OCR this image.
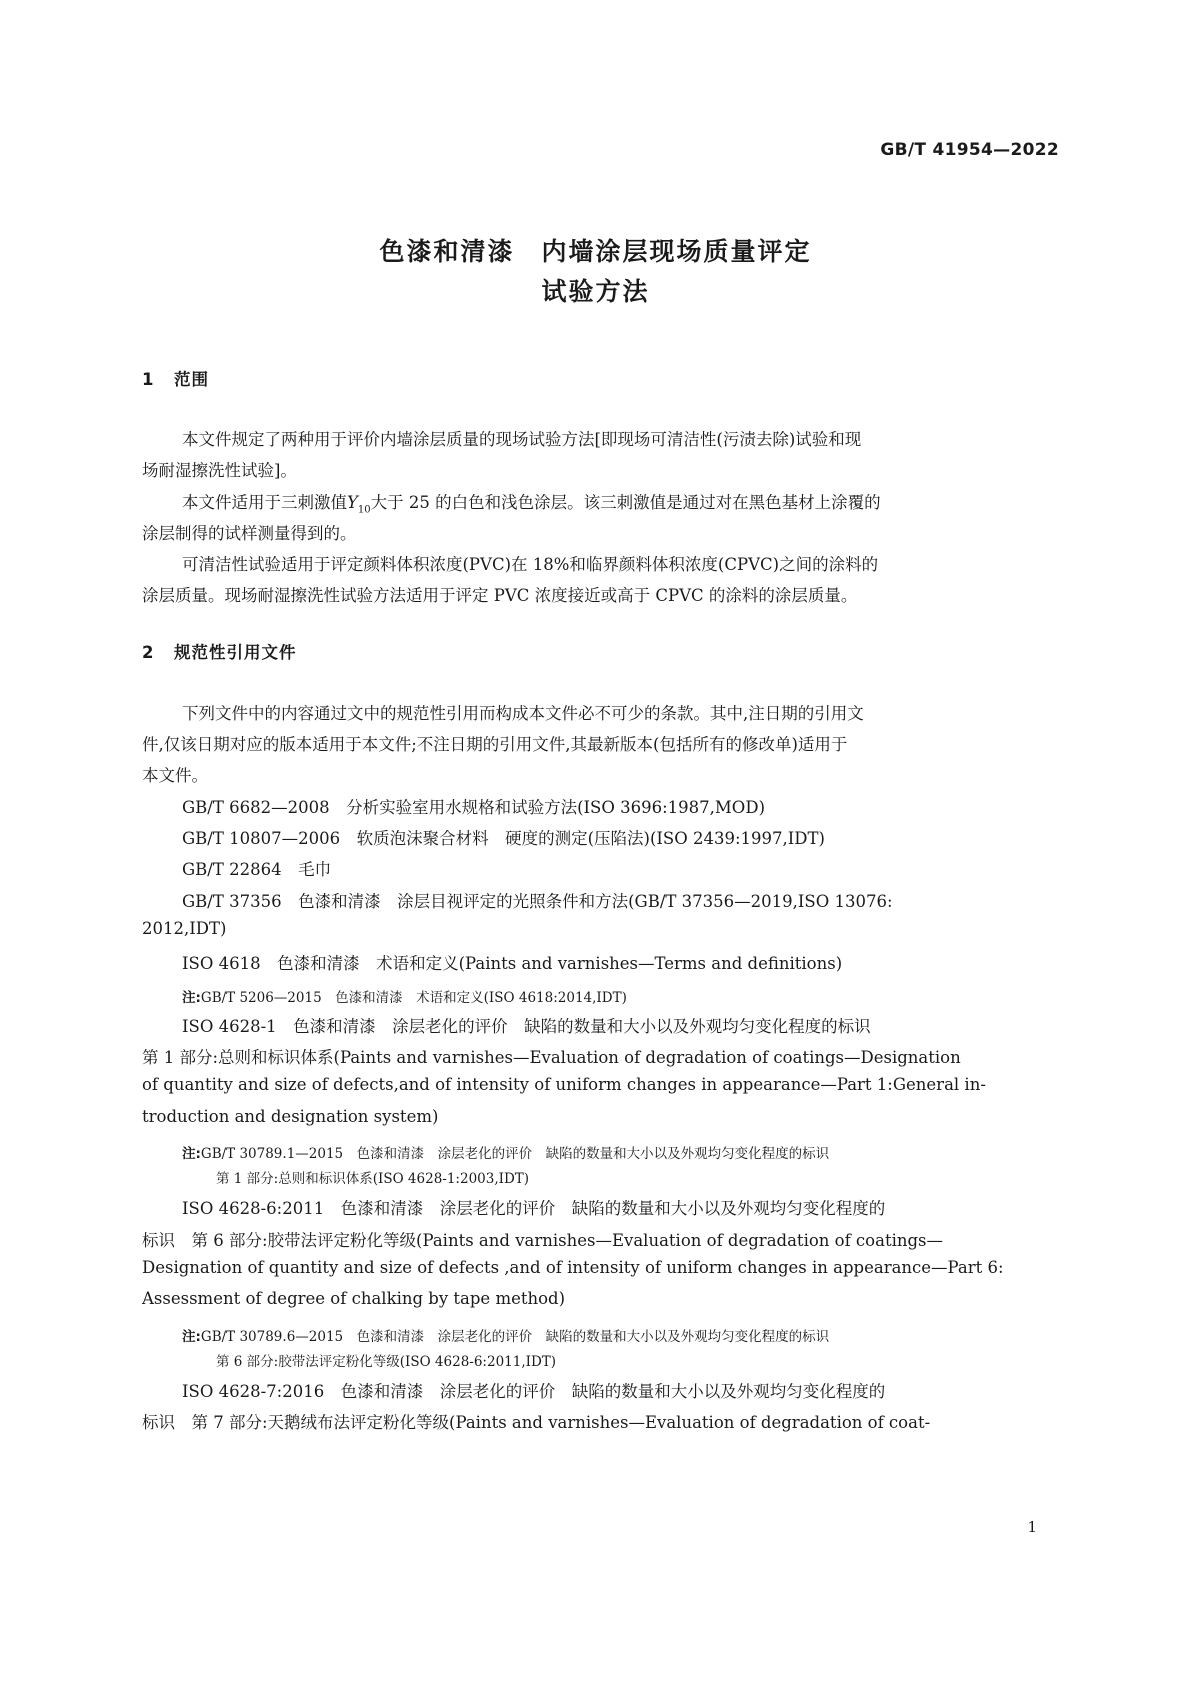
GB/T 41954—2022
色漆和清漆　内墙涂层现场质量评定
试验方法
1 范围
本文件规定了两种用于评价内墙涂层质量的现场试验方法[即现场可清洁性(污渍去除)试验和现
场耐湿擦洗性试验]。
本文件适用于三刺激值$Y_{10}$大于 25 的白色和浅色涂层。该三刺激值是通过对在黑色基材上涂覆的
涂层制得的试样测量得到的。
可清洁性试验适用于评定颜料体积浓度(PVC)在 18%和临界颜料体积浓度(CPVC)之间的涂料的
涂层质量。现场耐湿擦洗性试验方法适用于评定 PVC 浓度接近或高于 CPVC 的涂料的涂层质量。
2 规范性引用文件
下列文件中的内容通过文中的规范性引用而构成本文件必不可少的条款。其中,注日期的引用文
件,仅该日期对应的版本适用于本文件;不注日期的引用文件,其最新版本(包括所有的修改单)适用于
本文件。
GB/T 6682—2008　分析实验室用水规格和试验方法(ISO 3696:1987,MOD)
GB/T 10807—2006　软质泡沫聚合材料　硬度的测定(压陷法)(ISO 2439:1997,IDT)
GB/T 22864　毛巾
GB/T 37356　色漆和清漆　涂层目视评定的光照条件和方法(GB/T 37356—2019,ISO 13076:
2012,IDT)
ISO 4618　色漆和清漆　术语和定义(Paints and varnishes—Terms and definitions)
注:GB/T 5206—2015　色漆和清漆　术语和定义(ISO 4618:2014,IDT)
ISO 4628-1　色漆和清漆　涂层老化的评价　缺陷的数量和大小以及外观均匀变化程度的标识
第 1 部分:总则和标识体系(Paints and varnishes—Evaluation of degradation of coatings—Designation
of quantity and size of defects,and of intensity of uniform changes in appearance—Part 1:General in-
troduction and designation system)
注:GB/T 30789.1—2015　色漆和清漆　涂层老化的评价　缺陷的数量和大小以及外观均匀变化程度的标识
第 1 部分:总则和标识体系(ISO 4628-1:2003,IDT)
ISO 4628-6:2011　色漆和清漆　涂层老化的评价　缺陷的数量和大小以及外观均匀变化程度的
标识　第 6 部分:胶带法评定粉化等级(Paints and varnishes—Evaluation of degradation of coatings—
Designation of quantity and size of defects ,and of intensity of uniform changes in appearance—Part 6:
Assessment of degree of chalking by tape method)
注:GB/T 30789.6—2015　色漆和清漆　涂层老化的评价　缺陷的数量和大小以及外观均匀变化程度的标识
第 6 部分:胶带法评定粉化等级(ISO 4628-6:2011,IDT)
ISO 4628-7:2016　色漆和清漆　涂层老化的评价　缺陷的数量和大小以及外观均匀变化程度的
标识　第 7 部分:天鹅绒布法评定粉化等级(Paints and varnishes—Evaluation of degradation of coat-
1
